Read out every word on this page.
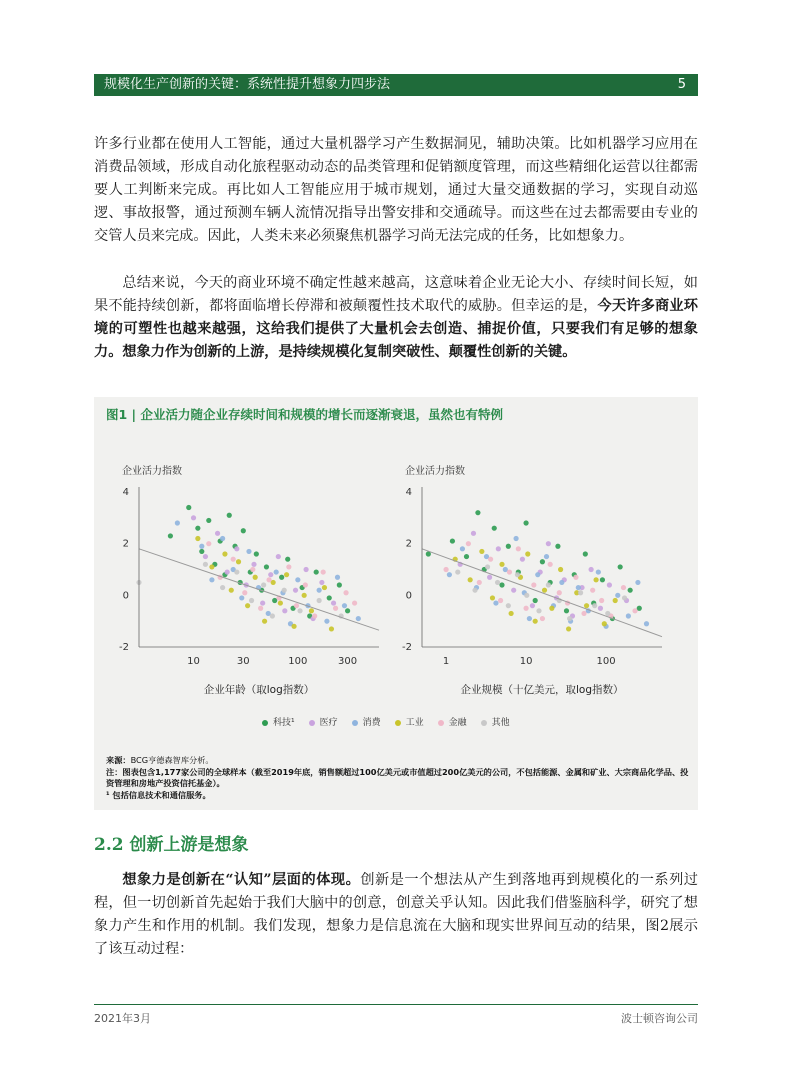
规模化生产创新的关键：系统性提升想象力四步法	5

许多行业都在使用人工智能，通过大量机器学习产生数据洞见，辅助决策。比如机器学习应用在消费品领域，形成自动化旅程驱动动态的品类管理和促销额度管理，而这些精细化运营以往都需要人工判断来完成。再比如人工智能应用于城市规划，通过大量交通数据的学习，实现自动巡逻、事故报警，通过预测车辆人流情况指导出警安排和交通疏导。而这些在过去都需要由专业的交管人员来完成。因此，人类未来必须聚焦机器学习尚无法完成的任务，比如想象力。

总结来说，今天的商业环境不确定性越来越高，这意味着企业无论大小、存续时间长短，如果不能持续创新，都将面临增长停滞和被颠覆性技术取代的威胁。但幸运的是，今天许多商业环境的可塑性也越来越强，这给我们提供了大量机会去创造、捕捉价值，只要我们有足够的想象力。想象力作为创新的上游，是持续规模化复制突破性、颠覆性创新的关键。

图1 | 企业活力随企业存续时间和规模的增长而逐渐衰退，虽然也有特例
企业活力指数	企业活力指数
-2
0
2
4
10	30	100	300
企业年龄（取log指数）
-2
0
2
4
1	10	100
企业规模（十亿美元，取log指数）
科技¹	医疗	消费	工业	金融	其他
来源：BCG亨德森智库分析。
注：图表包含1,177家公司的全球样本（截至2019年底，销售额超过100亿美元或市值超过200亿美元的公司，不包括能源、金属和矿业、大宗商品化学品、投资管理和房地产投资信托基金）。
¹ 包括信息技术和通信服务。
2.2 创新上游是想象

想象力是创新在“认知”层面的体现。创新是一个想法从产生到落地再到规模化的一系列过程，但一切创新首先起始于我们大脑中的创意，创意关乎认知。因此我们借鉴脑科学，研究了想象力产生和作用的机制。我们发现，想象力是信息流在大脑和现实世界间互动的结果，图2展示了该互动过程：

2021年3月	波士顿咨询公司
